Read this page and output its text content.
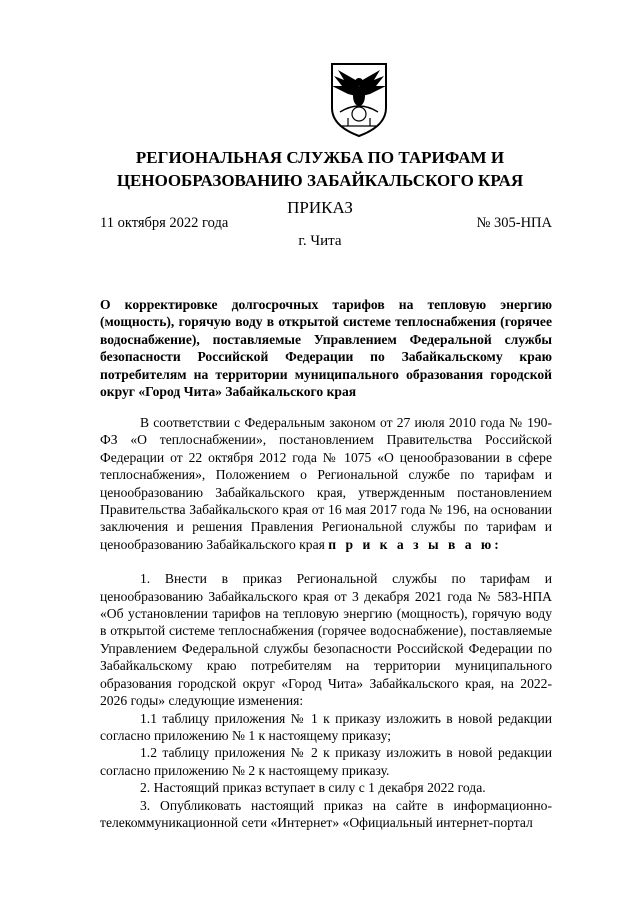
РЕГИОНАЛЬНАЯ СЛУЖБА ПО ТАРИФАМ И
ЦЕНООБРАЗОВАНИЮ ЗАБАЙКАЛЬСКОГО КРАЯ
ПРИКАЗ
11 октября 2022 года	№ 305-НПА
г. Чита
О корректировке долгосрочных тарифов на тепловую энергию (мощность), горячую воду в открытой системе теплоснабжения (горячее водоснабжение), поставляемые Управлением Федеральной службы безопасности Российской Федерации по Забайкальскому краю потребителям на территории муниципального образования городской округ «Город Чита» Забайкальского края

В соответствии с Федеральным законом от 27 июля 2010 года № 190-ФЗ «О теплоснабжении», постановлением Правительства Российской Федерации от 22 октября 2012 года № 1075 «О ценообразовании в сфере теплоснабжения», Положением о Региональной службе по тарифам и ценообразованию Забайкальского края, утвержденным постановлением Правительства Забайкальского края от 16 мая 2017 года № 196, на основании заключения и решения Правления Региональной службы по тарифам и ценообразованию Забайкальского края п р и к а з ы в а ю:

1. Внести в приказ Региональной службы по тарифам и ценообразованию Забайкальского края от 3 декабря 2021 года № 583-НПА «Об установлении тарифов на тепловую энергию (мощность), горячую воду в открытой системе теплоснабжения (горячее водоснабжение), поставляемые Управлением Федеральной службы безопасности Российской Федерации по Забайкальскому краю потребителям на территории муниципального образования городской округ «Город Чита» Забайкальского края, на 2022-2026 годы» следующие изменения:

1.1 таблицу приложения № 1 к приказу изложить в новой редакции согласно приложению № 1 к настоящему приказу;

1.2 таблицу приложения № 2 к приказу изложить в новой редакции согласно приложению № 2 к настоящему приказу.

2. Настоящий приказ вступает в силу с 1 декабря 2022 года.

3. Опубликовать настоящий приказ на сайте в информационно-телекоммуникационной сети «Интернет» «Официальный интернет-портал
